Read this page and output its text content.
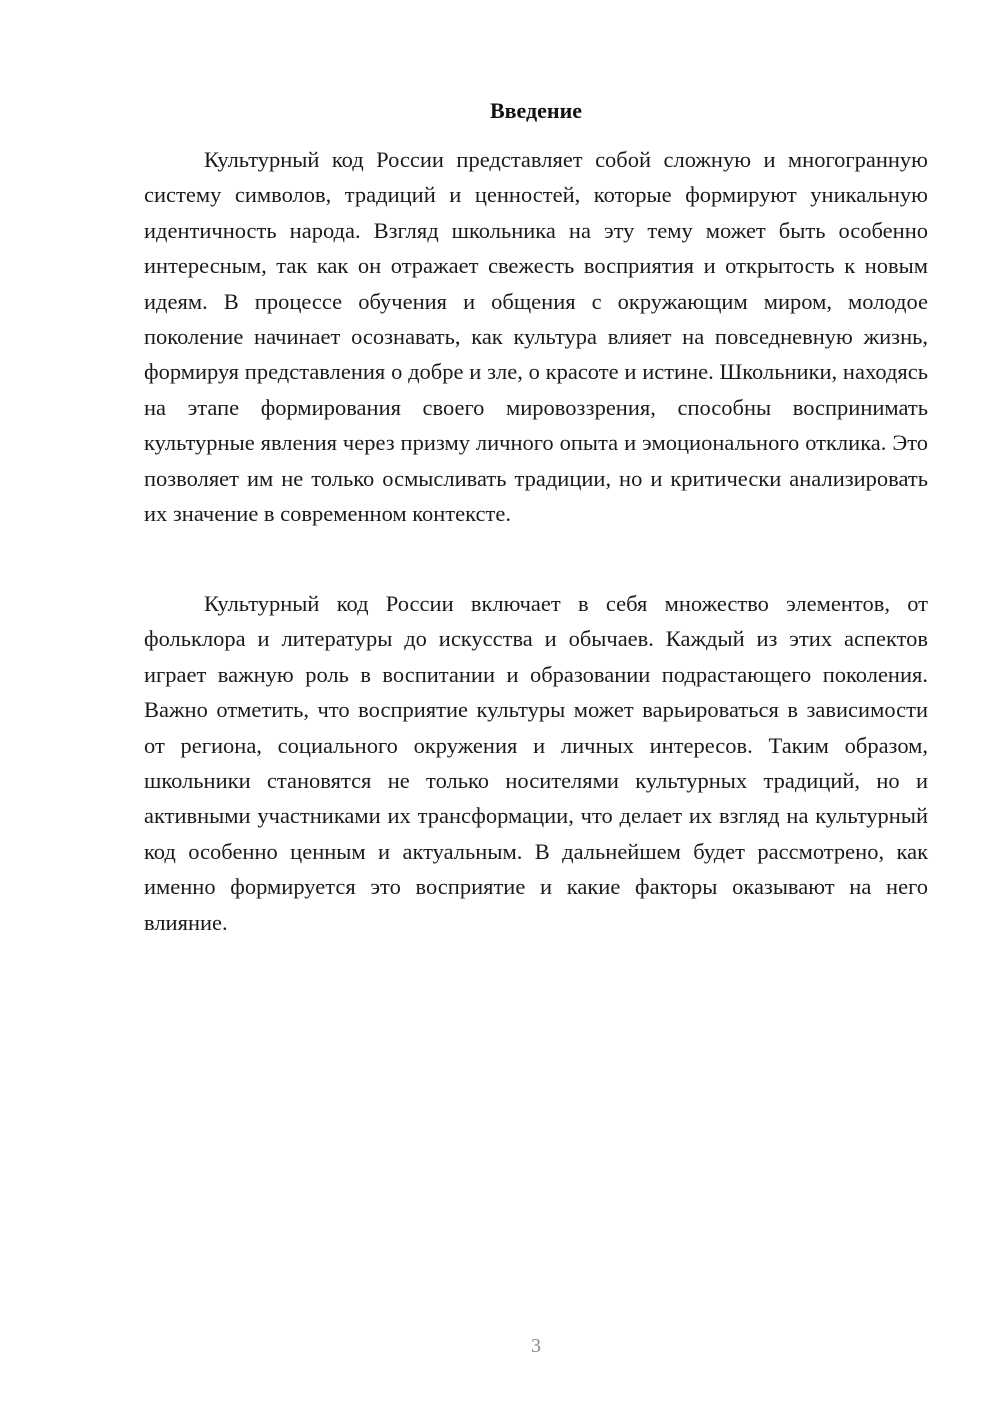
Введение

Культурный код России представляет собой сложную и многогранную систему символов, традиций и ценностей, которые формируют уникальную идентичность народа. Взгляд школьника на эту тему может быть особенно интересным, так как он отражает свежесть восприятия и открытость к новым идеям. В процессе обучения и общения с окружающим миром, молодое поколение начинает осознавать, как культура влияет на повседневную жизнь, формируя представления о добре и зле, о красоте и истине. Школьники, находясь на этапе формирования своего мировоззрения, способны воспринимать культурные явления через призму личного опыта и эмоционального отклика. Это позволяет им не только осмысливать традиции, но и критически анализировать их значение в современном контексте.

Культурный код России включает в себя множество элементов, от фольклора и литературы до искусства и обычаев. Каждый из этих аспектов играет важную роль в воспитании и образовании подрастающего поколения. Важно отметить, что восприятие культуры может варьироваться в зависимости от региона, социального окружения и личных интересов. Таким образом, школьники становятся не только носителями культурных традиций, но и активными участниками их трансформации, что делает их взгляд на культурный код особенно ценным и актуальным. В дальнейшем будет рассмотрено, как именно формируется это восприятие и какие факторы оказывают на него влияние.

3
